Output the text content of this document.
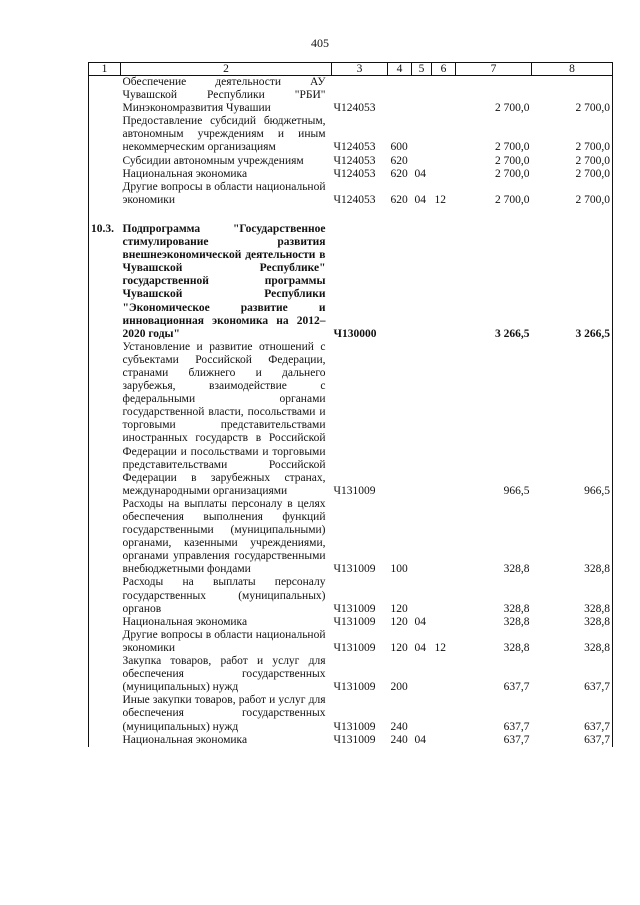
405
1	2	3	4	5	6	7	8
	Обеспечение деятельности АУ Чувашской Республики "РБИ" Минэкономразвития Чувашии	Ч124053				2 700,0	2 700,0
	Предоставление субсидий бюджетным, автономным учреждениям и иным некоммерческим организациям	Ч124053	600			2 700,0	2 700,0
	Субсидии автономным учреждениям	Ч124053	620			2 700,0	2 700,0
	Национальная экономика	Ч124053	620	04		2 700,0	2 700,0
	Другие вопросы в области национальной экономики	Ч124053	620	04	12	2 700,0	2 700,0

10.3.	Подпрограмма "Государственное стимулирование развития внешнеэкономической деятельности в Чувашской Республике" государственной программы Чувашской Республики "Экономическое развитие и инновационная экономика на 2012–2020 годы"	Ч130000				3 266,5	3 266,5
	Установление и развитие отношений с субъектами Российской Федерации, странами ближнего и дальнего зарубежья, взаимодействие с федеральными органами государственной власти, посольствами и торговыми представительствами иностранных государств в Российской Федерации и посольствами и торговыми представительствами Российской Федерации в зарубежных странах, международными организациями	Ч131009				966,5	966,5
	Расходы на выплаты персоналу в целях обеспечения выполнения функций государственными (муниципальными) органами, казенными учреждениями, органами управления государственными внебюджетными фондами	Ч131009	100			328,8	328,8
	Расходы на выплаты персоналу государственных (муниципальных) органов	Ч131009	120			328,8	328,8
	Национальная экономика	Ч131009	120	04		328,8	328,8
	Другие вопросы в области национальной экономики	Ч131009	120	04	12	328,8	328,8
	Закупка товаров, работ и услуг для обеспечения государственных (муниципальных) нужд	Ч131009	200			637,7	637,7
	Иные закупки товаров, работ и услуг для обеспечения государственных (муниципальных) нужд	Ч131009	240			637,7	637,7
	Национальная экономика	Ч131009	240	04		637,7	637,7
